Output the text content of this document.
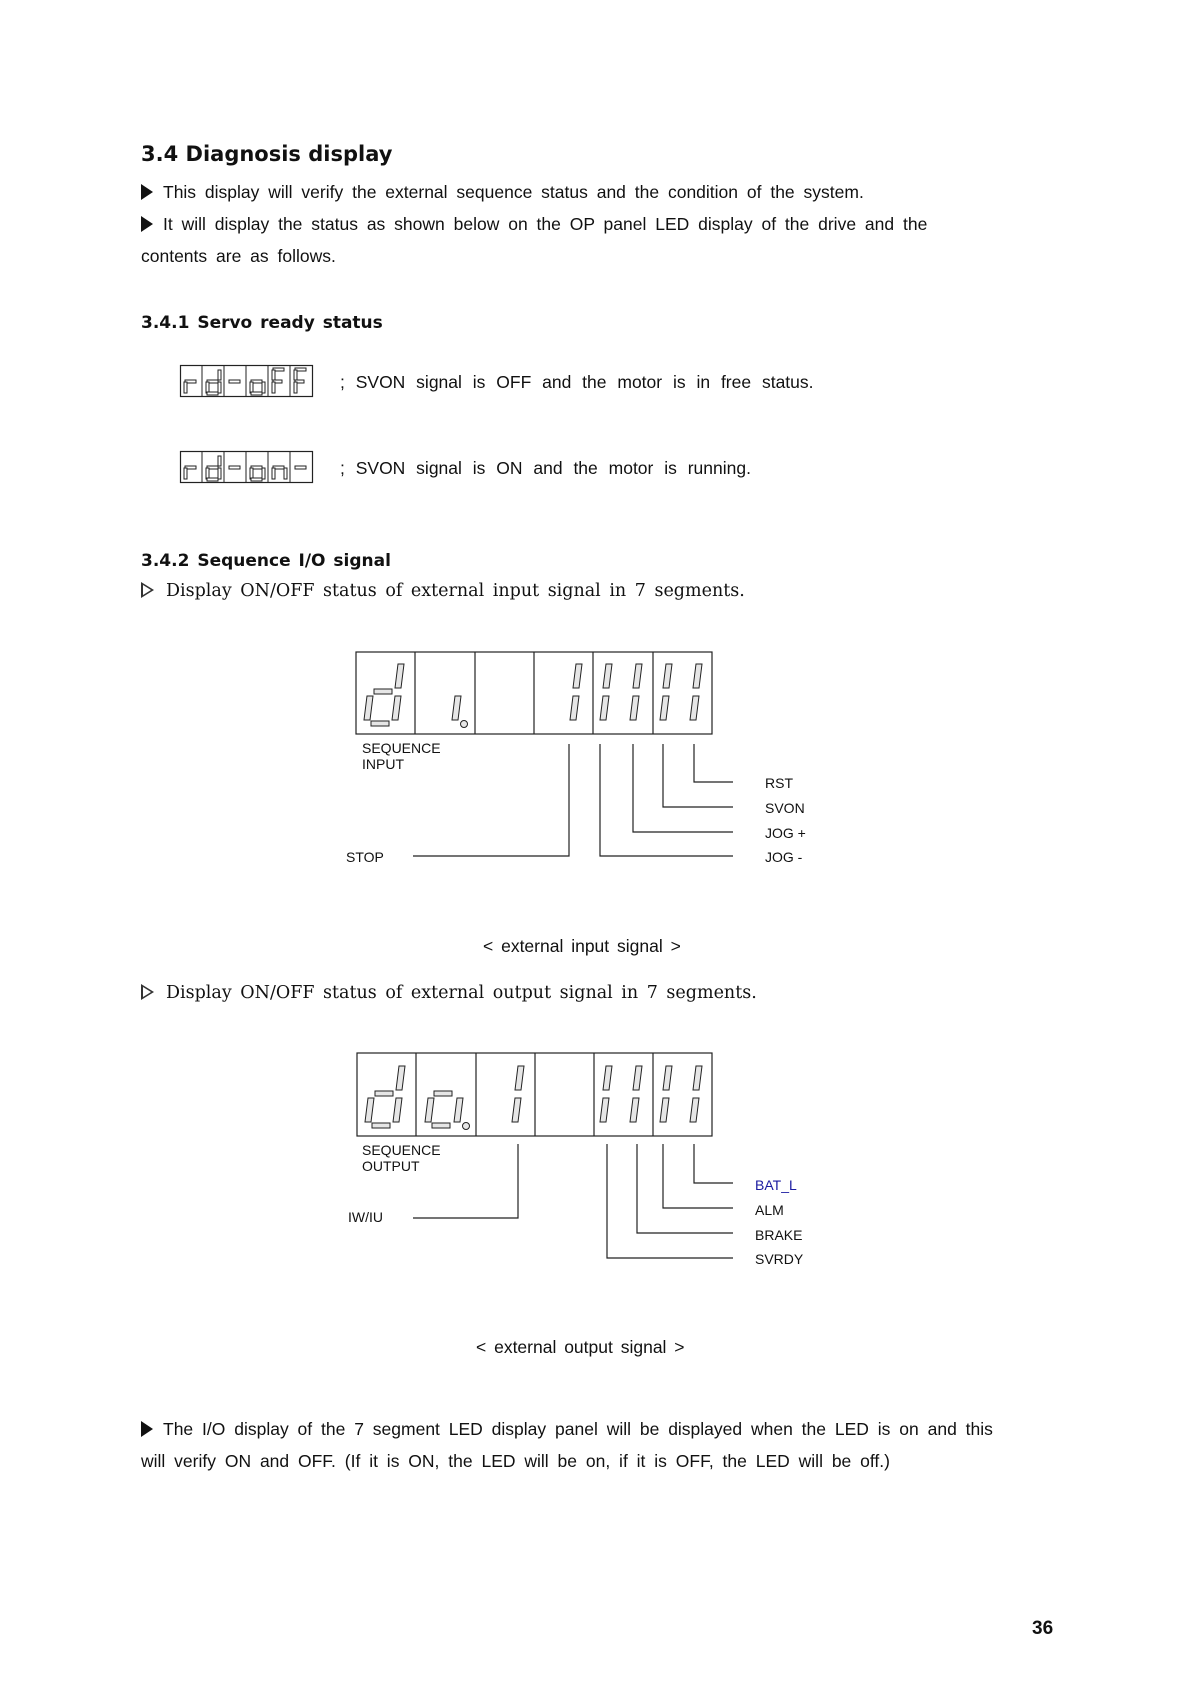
3.4 Diagnosis display
This display will verify the external sequence status and the condition of the system.
It will display the status as shown below on the OP panel LED display of the drive and the
contents are as follows.
3.4.1 Servo ready status
; SVON signal is OFF and the motor is in free status.
; SVON signal is ON and the motor is running.
3.4.2 Sequence I/O signal
Display ON/OFF status of external input signal in 7 segments.
SEQUENCE
INPUT
RST
SVON
JOG +
JOG -
STOP
< external input signal >
Display ON/OFF status of external output signal in 7 segments.
SEQUENCE
OUTPUT
BAT_L
ALM
BRAKE
SVRDY
IW/IU
< external output signal >
The I/O display of the 7 segment LED display panel will be displayed when the LED is on and this
will verify ON and OFF. (If it is ON, the LED will be on, if it is OFF, the LED will be off.)
36
